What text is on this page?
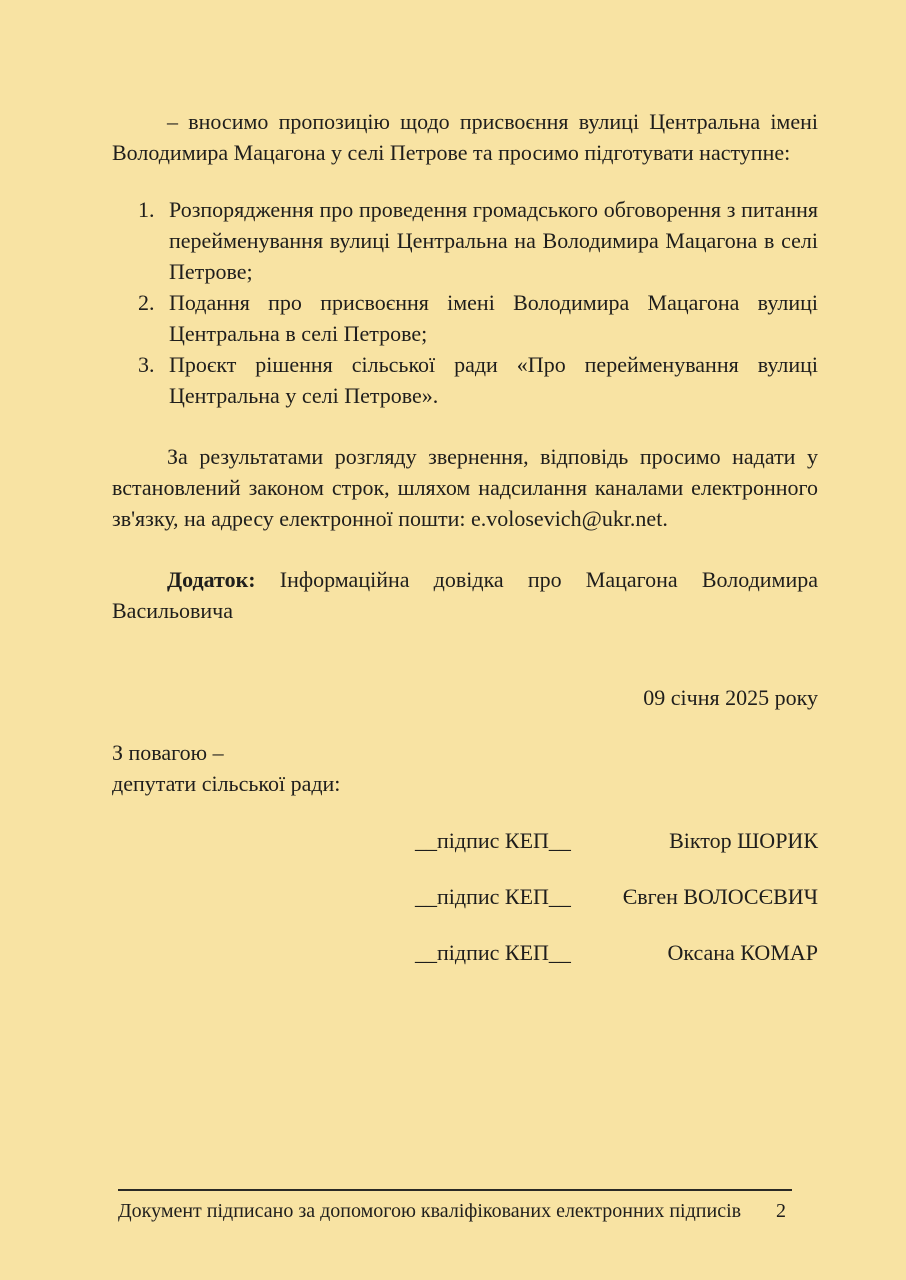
– вносимо пропозицію щодо присвоєння вулиці Центральна імені Володимира Мацагона у селі Петрове та просимо підготувати наступне:

1. Розпорядження про проведення громадського обговорення з питання перейменування вулиці Центральна на Володимира Мацагона в селі Петрове;
2. Подання про присвоєння імені Володимира Мацагона вулиці Центральна в селі Петрове;
3. Проєкт рішення сільської ради «Про перейменування вулиці Центральна у селі Петрове».

За результатами розгляду звернення, відповідь просимо надати у встановлений законом строк, шляхом надсилання каналами електронного зв'язку, на адресу електронної пошти: e.volosevich@ukr.net.

Додаток: Інформаційна довідка про Мацагона Володимира Васильовича

09 січня 2025 року
З повагою –
депутати сільської ради:
__підпис КЕП__	Віктор ШОРИК
__підпис КЕП__ Євген ВОЛОСЄВИЧ
__підпис КЕП__	Оксана КОМАР
Документ підписано за допомогою кваліфікованих електронних підписів 2
